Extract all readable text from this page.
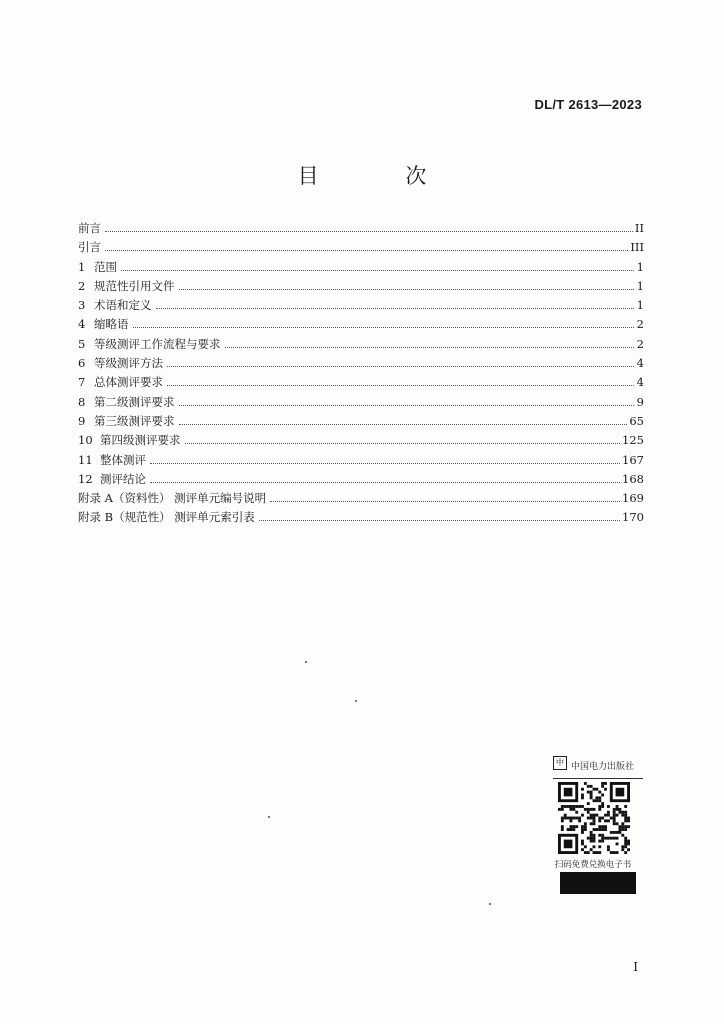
DL/T 2613—2023
目 次
前言	II
引言	III
1 范围	1
2 规范性引用文件	1
3 术语和定义	1
4 缩略语	2
5 等级测评工作流程与要求	2
6 等级测评方法	4
7 总体测评要求	4
8 第二级测评要求	9
9 第三级测评要求	65
10 第四级测评要求	125
11 整体测评	167
12 测评结论	168
附录 A（资料性） 测评单元编号说明	169
附录 B（规范性） 测评单元索引表	170
中 中国电力出版社
扫码免费兑换电子书
I
